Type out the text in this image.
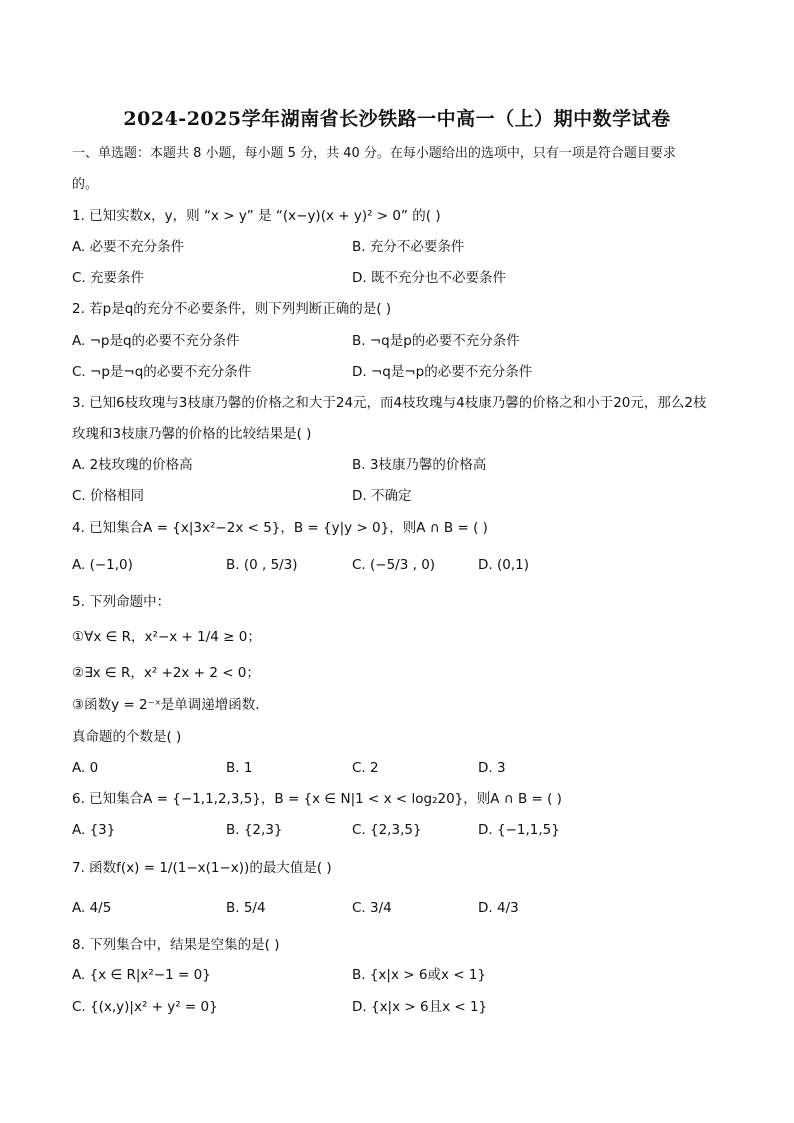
2024-2025学年湖南省长沙铁路一中高一（上）期中数学试卷
一、单选题：本题共 8 小题，每小题 5 分，共 40 分。在每小题给出的选项中，只有一项是符合题目要求
的。
1. 已知实数x，y，则 “x > y” 是 “(x−y)(x + y)² > 0” 的( )
A. 必要不充分条件	B. 充分不必要条件
C. 充要条件	D. 既不充分也不必要条件
2. 若p是q的充分不必要条件，则下列判断正确的是( )
A. ¬p是q的必要不充分条件	B. ¬q是p的必要不充分条件
C. ¬p是¬q的必要不充分条件	D. ¬q是¬p的必要不充分条件
3. 已知6枝玫瑰与3枝康乃馨的价格之和大于24元，而4枝玫瑰与4枝康乃馨的价格之和小于20元，那么2枝
玫瑰和3枝康乃馨的价格的比较结果是( )
A. 2枝玫瑰的价格高	B. 3枝康乃馨的价格高
C. 价格相同	D. 不确定
4. 已知集合A = {x|3x²−2x < 5}，B = {y|y > 0}，则A ∩ B = ( )
A. (−1,0)	B. (0 , 5/3)	C. (−5/3 , 0)	D. (0,1)
5. 下列命题中：
①∀x ∈ R，x²−x + 1/4 ≥ 0；
②∃x ∈ R，x² +2x + 2 < 0；
③函数y = 2⁻ˣ是单调递增函数．
真命题的个数是( )
A. 0	B. 1	C. 2	D. 3
6. 已知集合A = {−1,1,2,3,5}，B = {x ∈ N|1 < x < log₂20}，则A ∩ B = ( )
A. {3}	B. {2,3}	C. {2,3,5}	D. {−1,1,5}
7. 函数f(x) = 1/(1−x(1−x))的最大值是( )
A. 4/5	B. 5/4	C. 3/4	D. 4/3
8. 下列集合中，结果是空集的是( )
A. {x ∈ R|x²−1 = 0}	B. {x|x > 6或x < 1}
C. {(x,y)|x² + y² = 0}	D. {x|x > 6且x < 1}
